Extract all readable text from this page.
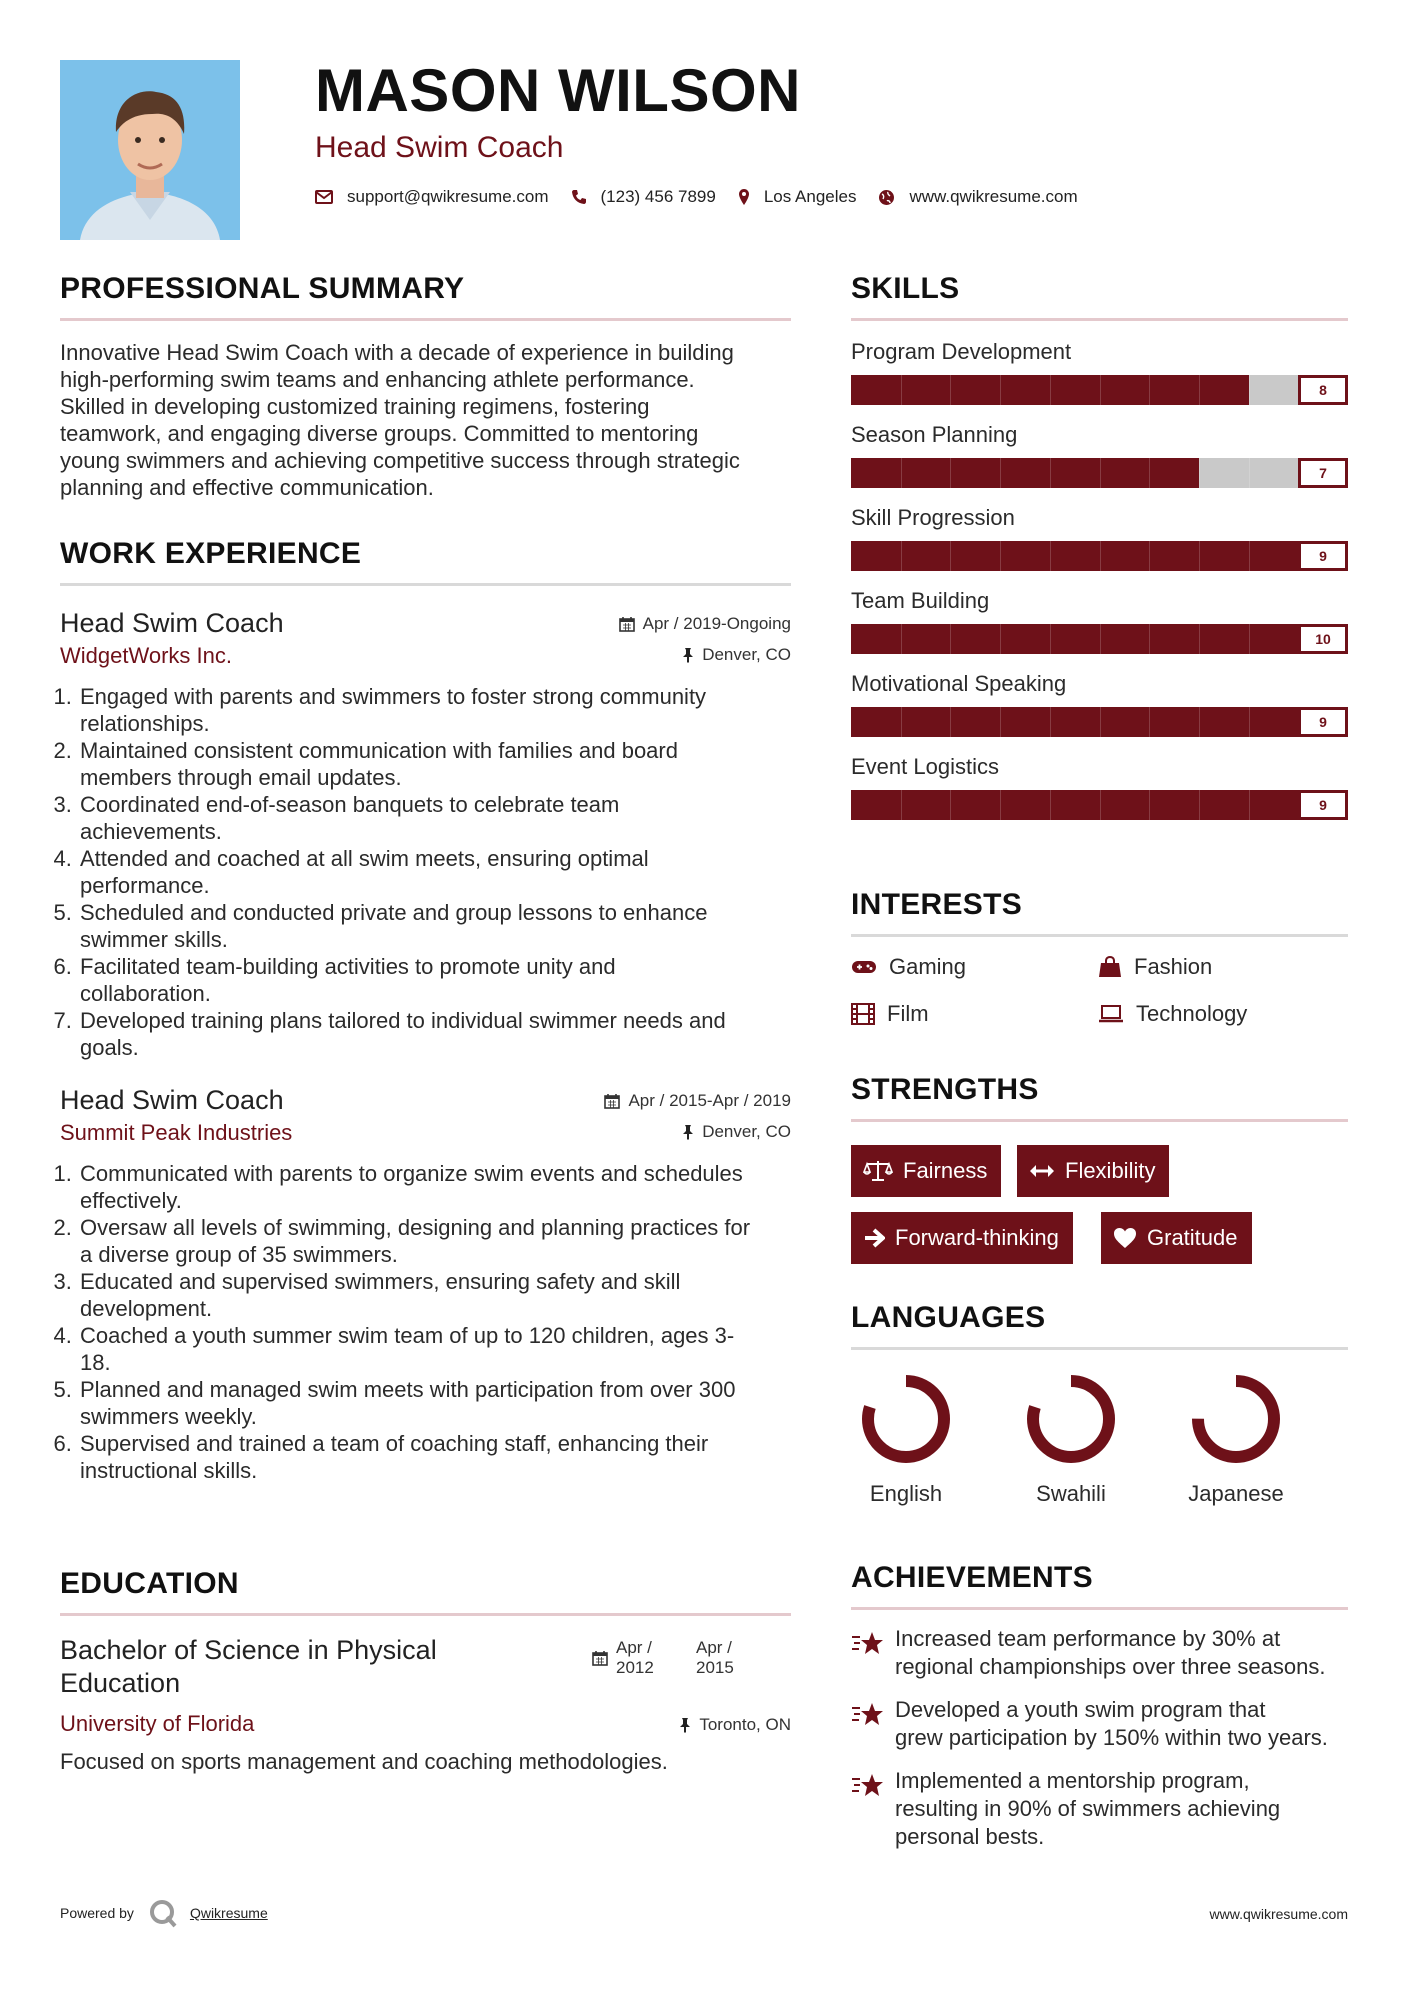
MASON WILSON
Head Swim Coach
support@qwikresume.com	(123) 456 7899	Los Angeles	www.qwikresume.com
PROFESSIONAL SUMMARY
Innovative Head Swim Coach with a decade of experience in building
high-performing swim teams and enhancing athlete performance.
Skilled in developing customized training regimens, fostering
teamwork, and engaging diverse groups. Committed to mentoring
young swimmers and achieving competitive success through strategic
planning and effective communication.
WORK EXPERIENCE
Head Swim Coach	Apr / 2019-Ongoing
WidgetWorks Inc.	Denver, CO
1. Engaged with parents and swimmers to foster strong community
relationships.
2. Maintained consistent communication with families and board
members through email updates.
3. Coordinated end-of-season banquets to celebrate team
achievements.
4. Attended and coached at all swim meets, ensuring optimal
performance.
5. Scheduled and conducted private and group lessons to enhance
swimmer skills.
6. Facilitated team-building activities to promote unity and
collaboration.
7. Developed training plans tailored to individual swimmer needs and
goals.
Head Swim Coach	Apr / 2015-Apr / 2019
Summit Peak Industries	Denver, CO
1. Communicated with parents to organize swim events and schedules
effectively.
2. Oversaw all levels of swimming, designing and planning practices for
a diverse group of 35 swimmers.
3. Educated and supervised swimmers, ensuring safety and skill
development.
4. Coached a youth summer swim team of up to 120 children, ages 3-
18.
5. Planned and managed swim meets with participation from over 300
swimmers weekly.
6. Supervised and trained a team of coaching staff, enhancing their
instructional skills.
EDUCATION
Bachelor of Science in Physical
Education
Apr /
2012
Apr /
2015
University of Florida	Toronto, ON
Focused on sports management and coaching methodologies.
SKILLS
Program Development
8
Season Planning
7
Skill Progression
9
Team Building
10
Motivational Speaking
9
Event Logistics
9
INTERESTS
Gaming	Fashion
Film	Technology
STRENGTHS
Fairness	Flexibility
Forward-thinking	Gratitude
LANGUAGES
English	Swahili	Japanese
ACHIEVEMENTS
Increased team performance by 30% at
regional championships over three seasons.
Developed a youth swim program that
grew participation by 150% within two years.
Implemented a mentorship program,
resulting in 90% of swimmers achieving
personal bests.
Powered by	Qwikresume	www.qwikresume.com
